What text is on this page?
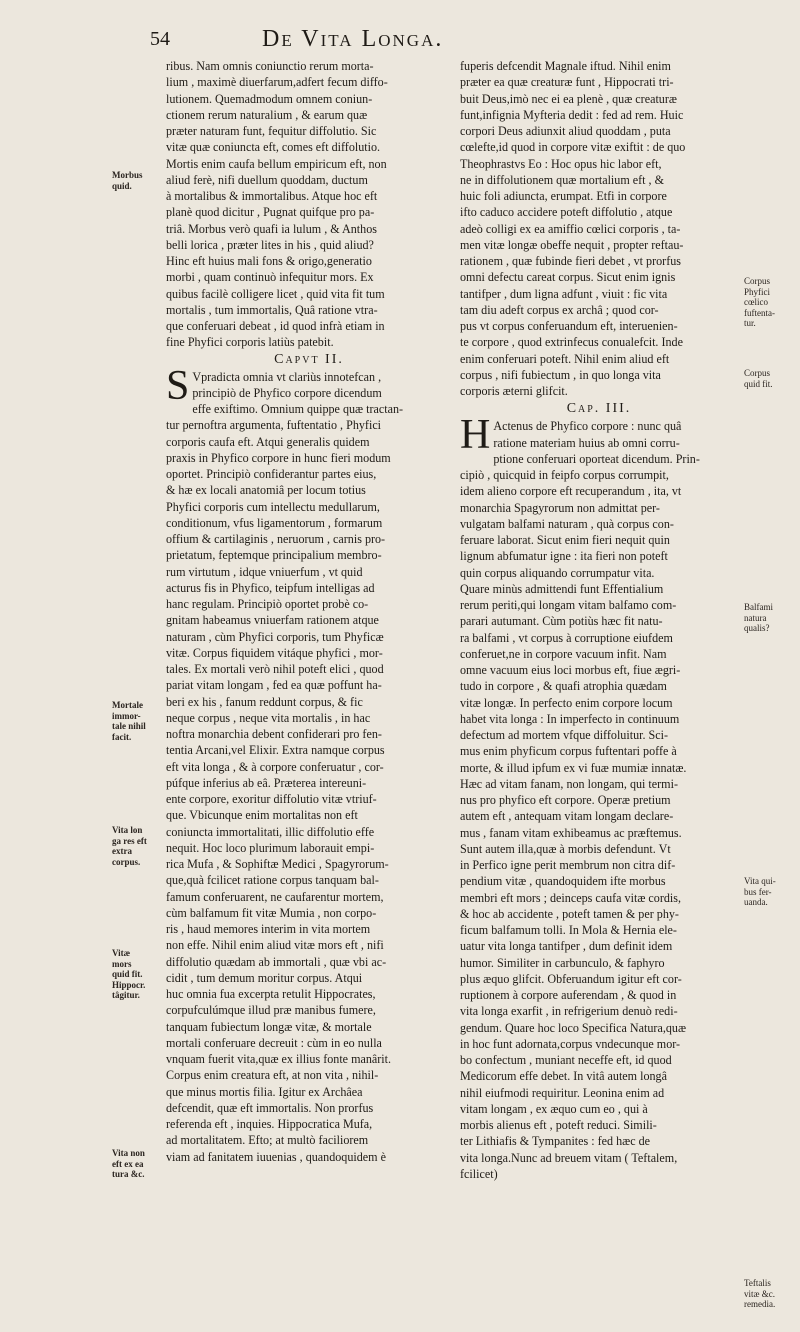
54	De Vita Longa.
ribus. Nam omnis coniunctio rerum morta-
lium , maximè diuerfarum,adfert fecum diffo-
lutionem. Quemadmodum omnem coniun-
ctionem rerum naturalium , & earum quæ
præter naturam funt, fequitur diffolutio. Sic
vitæ quæ coniuncta eft, comes eft diffolutio.
Mortis enim caufa bellum empiricum eft, non
aliud ferè, nifi duellum quoddam, ductum
à mortalibus & immortalibus. Atque hoc eft
planè quod dicitur , Pugnat quifque pro pa-
triâ. Morbus verò quafi ia lulum , & Anthos
belli lorica , præter lites in his , quid aliud?
Hinc eft huius mali fons & origo,generatio
morbi , quam continuò infequitur mors. Ex
quibus facilè colligere licet , quid vita fit tum
mortalis , tum immortalis, Quâ ratione vtra-
que conferuari debeat , id quod infrà etiam in
fine Phyfici corporis latiùs patebit.
Capvt II.
S Vpradicta omnia vt clariùs innotefcan ,
principiò de Phyfico corpore dicendum
effe exiftimo. Omnium quippe quæ tractan-
tur pernoftra argumenta, fuftentatio , Phyfici
corporis caufa eft. Atqui generalis quidem
praxis in Phyfico corpore in hunc fieri modum
oportet. Principiò confiderantur partes eius,
& hæ ex locali anatomiâ per locum totius
Phyfici corporis cum intellectu medullarum,
conditionum, vfus ligamentorum , formarum
offium & cartilaginis , neruorum , carnis pro-
prietatum, feptemque principalium membro-
rum virtutum , idque vniuerfum , vt quid
acturus fis in Phyfico, teipfum intelligas ad
hanc regulam. Principiò oportet probè co-
gnitam habeamus vniuerfam rationem atque
naturam , cùm Phyfici corporis, tum Phyficæ
vitæ. Corpus fiquidem vitáque phyfici , mor-
tales. Ex mortali verò nihil poteft elici , quod
pariat vitam longam , fed ea quæ poffunt ha-
beri ex his , fanum reddunt corpus, & fic
neque corpus , neque vita mortalis , in hac
noftra monarchia debent confiderari pro fen-
tentia Arcani,vel Elixir. Extra namque corpus
eft vita longa , & à corpore conferuatur , cor-
púfque inferius ab eâ. Præterea intereuni-
ente corpore, exoritur diffolutio vitæ vtriuf-
que. Vbicunque enim mortalitas non eft
coniuncta immortalitati, illic diffolutio effe
nequit. Hoc loco plurimum laborauit empi-
rica Mufa , & Sophiftæ Medici , Spagyrorum-
que,quà fcilicet ratione corpus tanquam bal-
famum conferuarent, ne caufarentur mortem,
cùm balfamum fit vitæ Mumia , non corpo-
ris , haud memores interim in vita mortem
non effe. Nihil enim aliud vitæ mors eft , nifi
diffolutio quædam ab immortali , quæ vbi ac-
cidit , tum demum moritur corpus. Atqui
huc omnia fua excerpta retulit Hippocrates,
corpufculúmque illud præ manibus fumere,
tanquam fubiectum longæ vitæ, & mortale
mortali conferuare decreuit : cùm in eo nulla
vnquam fuerit vita,quæ ex illius fonte manârit.
Corpus enim creatura eft, at non vita , nihil-
que minus mortis filia. Igitur ex Archâea
defcendit, quæ eft immortalis. Non prorfus
referenda eft , inquies. Hippocratica Mufa,
ad mortalitatem. Efto; at multò faciliorem
viam ad fanitatem iuuenias , quandoquidem è
fuperis defcendit Magnale iftud. Nihil enim
præter ea quæ creaturæ funt , Hippocrati tri-
buit Deus,imò nec ei ea plenè , quæ creaturæ
funt,infignia Myfteria dedit : fed ad rem. Huic
corpori Deus adiunxit aliud quoddam , puta
cœlefte,id quod in corpore vitæ exiftit : de quo
Theophrastvs Eo : Hoc opus hic labor eft,
ne in diffolutionem quæ mortalium eft , &
huic foli adiuncta, erumpat. Etfi in corpore
ifto caduco accidere poteft diffolutio , atque
adeò colligi ex ea amiffio cœlici corporis , ta-
men vitæ longæ obeffe nequit , propter reftau-
rationem , quæ fubinde fieri debet , vt prorfus
omni defectu careat corpus. Sicut enim ignis
tantifper , dum ligna adfunt , viuit : fic vita
tam diu adeft corpus ex archâ ; quod cor-
pus vt corpus conferuandum eft, interuenien-
te corpore , quod extrinfecus conualefcit. Inde
enim conferuari poteft. Nihil enim aliud eft
corpus , nifi fubiectum , in quo longa vita
corporis æterni glifcit.
Cap. III.
H Actenus de Phyfico corpore : nunc quâ
ratione materiam huius ab omni corru-
ptione conferuari oporteat dicendum. Prin-
cipiò , quicquid in feipfo corpus corrumpit,
idem alieno corpore eft recuperandum , ita, vt
monarchia Spagyrorum non admittat per-
vulgatam balfami naturam , quà corpus con-
feruare laborat. Sicut enim fieri nequit quin
lignum abfumatur igne : ita fieri non poteft
quin corpus aliquando corrumpatur vita.
Quare minùs admittendi funt Effentialium
rerum periti,qui longam vitam balfamo com-
parari autumant. Cùm potiùs hæc fit natu-
ra balfami , vt corpus à corruptione eiufdem
conferuet,ne in corpore vacuum infit. Nam
omne vacuum eius loci morbus eft, fiue ægri-
tudo in corpore , & quafi atrophia quædam
vitæ longæ. In perfecto enim corpore locum
habet vita longa : In imperfecto in continuum
defectum ad mortem vfque diffoluitur. Sci-
mus enim phyficum corpus fuftentari poffe à
morte, & illud ipfum ex vi fuæ mumiæ innatæ.
Hæc ad vitam fanam, non longam, qui termi-
nus pro phyfico eft corpore. Operæ pretium
autem eft , antequam vitam longam declare-
mus , fanam vitam exhibeamus ac præftemus.
Sunt autem illa,quæ à morbis defendunt. Vt
in Perfico igne perit membrum non citra dif-
pendium vitæ , quandoquidem ifte morbus
membri eft mors ; deinceps caufa vitæ cordis,
& hoc ab accidente , poteft tamen & per phy-
ficum balfamum tolli. In Mola & Hernia ele-
uatur vita longa tantifper , dum definit idem
humor. Similiter in carbunculo, & faphyro
plus æquo glifcit. Obferuandum igitur eft cor-
ruptionem à corpore auferendam , & quod in
vita longa exarfit , in refrigerium denuò redi-
gendum. Quare hoc loco Specifica Natura,quæ
in hoc funt adornata,corpus vndecunque mor-
bo confectum , muniant neceffe eft, id quod
Medicorum effe debet. In vitâ autem longâ
nihil eiufmodi requiritur. Leonina enim ad
vitam longam , ex æquo cum eo , qui à
morbis alienus eft , poteft reduci. Simili-
ter Lithiafis & Tympanites : fed hæc de
vita longa.Nunc ad breuem vitam ( Teftalem,
fcilicet)
Morbus
quid.
Mortale
immor-
tale nihil
facit.
Vita lon
ga res eft
extra
corpus.
Vitæ
mors
quid fit.
Hippocr.
tâgitur.
Vita non
eft ex ea
tura &c.
Corpus
Phyfici
cœlico
fuftenta-
tur.
Corpus
quid fit.
Balfami
natura
qualis?
Vita qui-
bus fer-
uanda.
Teftalis
vitæ &c.
remedia.
